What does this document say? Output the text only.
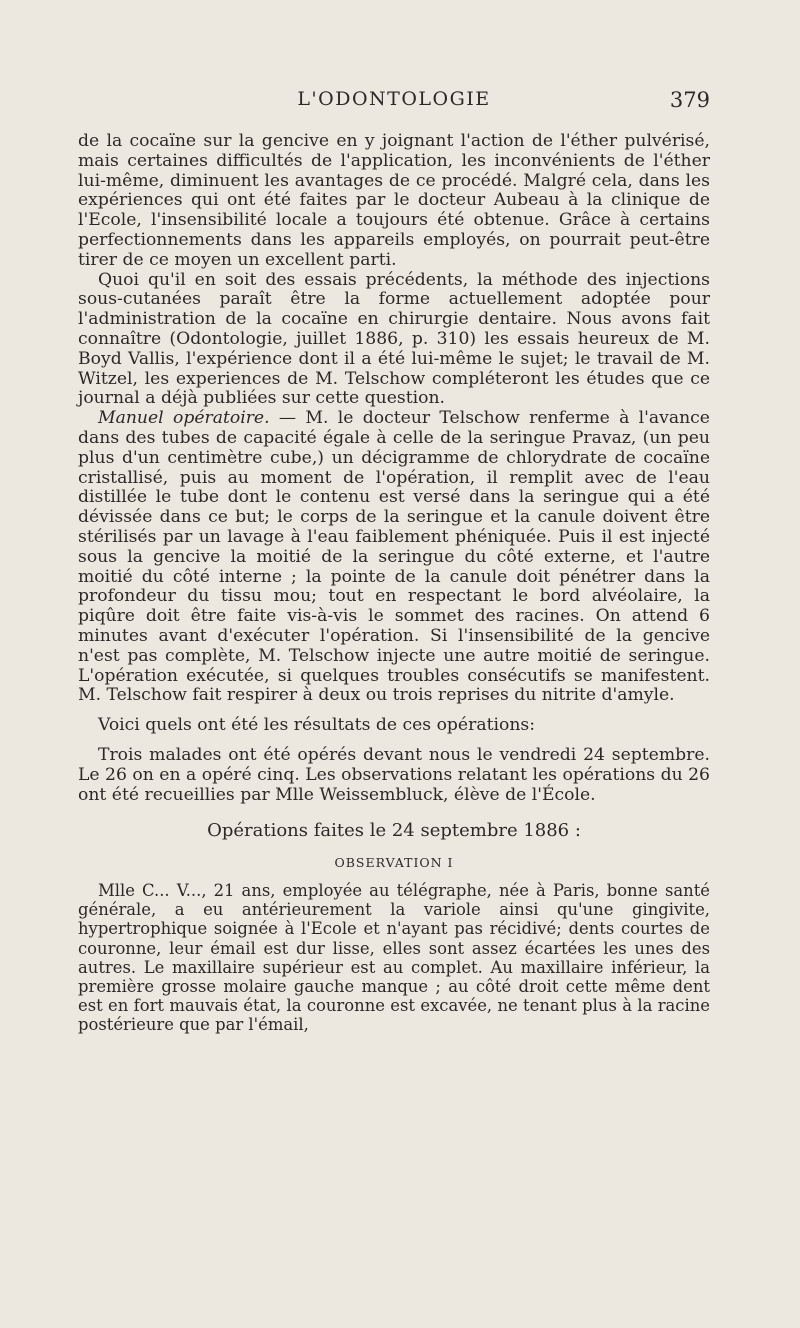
L'ODONTOLOGIE	379

de la cocaïne sur la gencive en y joignant l'action de l'éther pulvérisé, mais certaines difficultés de l'application, les inconvénients de l'éther lui-même, diminuent les avantages de ce procédé. Malgré cela, dans les expériences qui ont été faites par le docteur Aubeau à la clinique de l'Ecole, l'insensibilité locale a toujours été obtenue. Grâce à certains perfectionnements dans les appareils employés, on pourrait peut-être tirer de ce moyen un excellent parti.

Quoi qu'il en soit des essais précédents, la méthode des injections sous-cutanées paraît être la forme actuellement adoptée pour l'administration de la cocaïne en chirurgie dentaire. Nous avons fait connaître (Odontologie, juillet 1886, p. 310) les essais heureux de M. Boyd Vallis, l'expérience dont il a été lui-même le sujet; le travail de M. Witzel, les experiences de M. Telschow compléteront les études que ce journal a déjà publiées sur cette question.

Manuel opératoire. — M. le docteur Telschow renferme à l'avance dans des tubes de capacité égale à celle de la seringue Pravaz, (un peu plus d'un centimètre cube,) un décigramme de chlorydrate de cocaïne cristallisé, puis au moment de l'opération, il remplit avec de l'eau distillée le tube dont le contenu est versé dans la seringue qui a été dévissée dans ce but; le corps de la seringue et la canule doivent être stérilisés par un lavage à l'eau faiblement phéniquée. Puis il est injecté sous la gencive la moitié de la seringue du côté externe, et l'autre moitié du côté interne ; la pointe de la canule doit pénétrer dans la profondeur du tissu mou; tout en respectant le bord alvéolaire, la piqûre doit être faite vis-à-vis le sommet des racines. On attend 6 minutes avant d'exécuter l'opération. Si l'insensibilité de la gencive n'est pas complète, M. Telschow injecte une autre moitié de seringue. L'opération exécutée, si quelques troubles consécutifs se manifestent. M. Telschow fait respirer à deux ou trois reprises du nitrite d'amyle.

Voici quels ont été les résultats de ces opérations:

Trois malades ont été opérés devant nous le vendredi 24 septembre. Le 26 on en a opéré cinq. Les observations relatant les opérations du 26 ont été recueillies par Mlle Weissembluck, élève de l'École.

Opérations faites le 24 septembre 1886 :

OBSERVATION I

Mlle C... V..., 21 ans, employée au télégraphe, née à Paris, bonne santé générale, a eu antérieurement la variole ainsi qu'une gingivite, hypertrophique soignée à l'Ecole et n'ayant pas récidivé; dents courtes de couronne, leur émail est dur lisse, elles sont assez écartées les unes des autres. Le maxillaire supérieur est au complet. Au maxillaire inférieur, la première grosse molaire gauche manque ; au côté droit cette même dent est en fort mauvais état, la couronne est excavée, ne tenant plus à la racine postérieure que par l'émail,
